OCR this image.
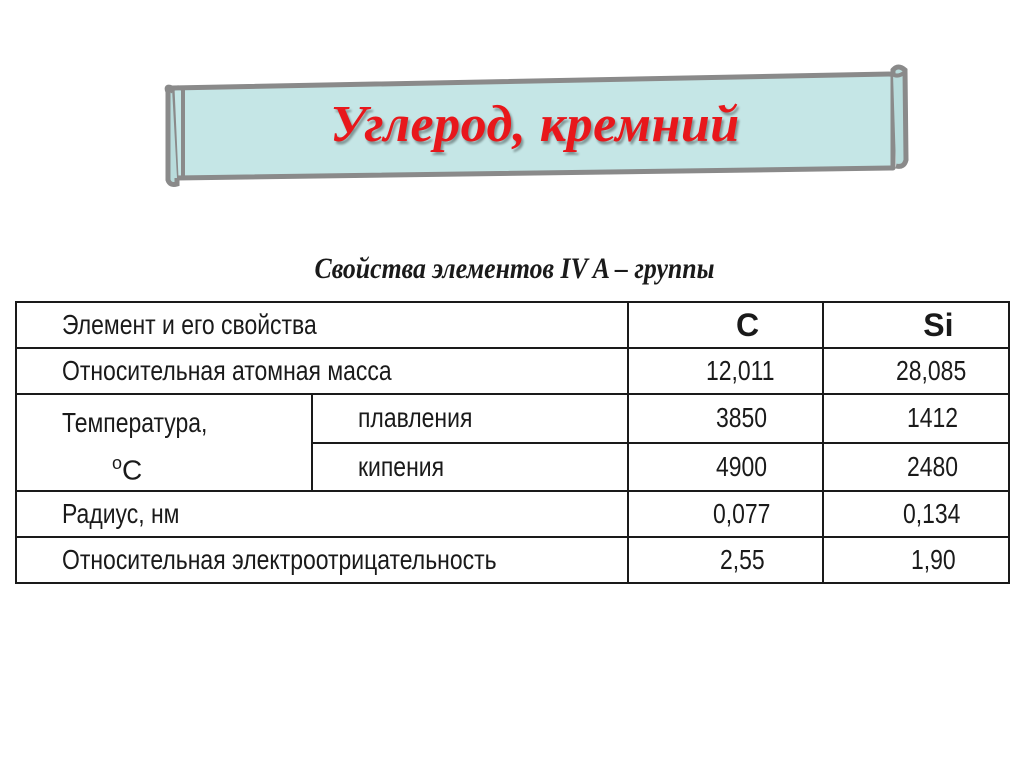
Углерод, кремний
Свойства элементов IV A – группы
Элемент и его свойства		C	Si
Относительная атомная масса		12,011	28,085
Температура,
$^o$C	плавления	3850	1412
	кипения	4900	2480
Радиус, нм		0,077	0,134
Относительная электроотрицательность		2,55	1,90
